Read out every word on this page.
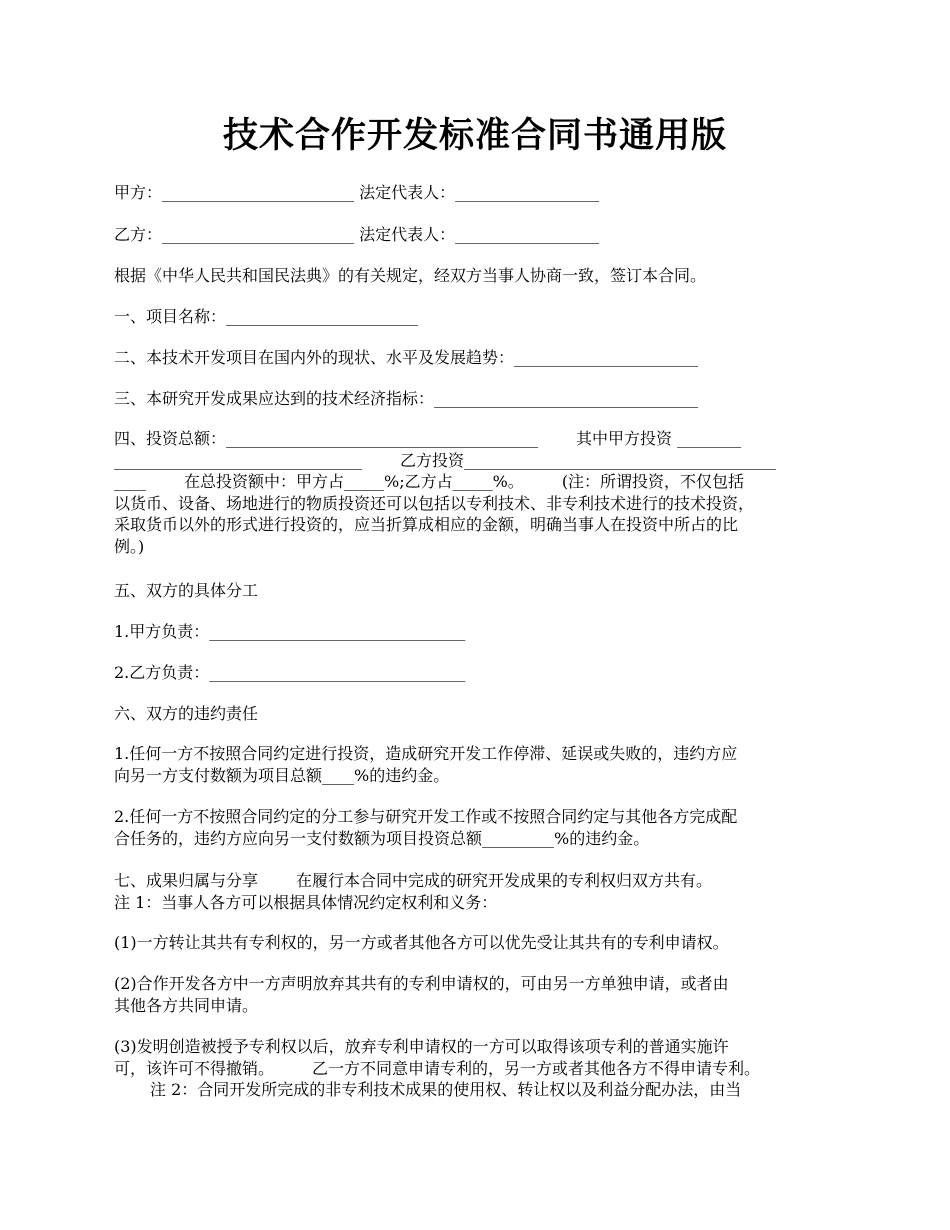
技术合作开发标准合同书通用版
甲方：________________________ 法定代表人：__________________
乙方：________________________ 法定代表人：__________________
根据《中华人民共和国民法典》的有关规定，经双方当事人协商一致，签订本合同。
一、项目名称：________________________
二、本技术开发项目在国内外的现状、水平及发展趋势：_______________________
三、本研究开发成果应达到的技术经济指标：_________________________________
四、投资总额：_______________________________________ 其中甲方投资 ________
_______________________________ 乙方投资_______________________________________
____ 在总投资额中：甲方占_____%;乙方占_____%。 (注：所谓投资，不仅包括
以货币、设备、场地进行的物质投资还可以包括以专利技术、非专利技术进行的技术投资，
采取货币以外的形式进行投资的，应当折算成相应的金额，明确当事人在投资中所占的比
例。)
五、双方的具体分工
1.甲方负责：________________________________
2.乙方负责：________________________________
六、双方的违约责任
1.任何一方不按照合同约定进行投资，造成研究开发工作停滞、延误或失败的，违约方应
向另一方支付数额为项目总额____%的违约金。
2.任何一方不按照合同约定的分工参与研究开发工作或不按照合同约定与其他各方完成配
合任务的，违约方应向另一支付数额为项目投资总额_________%的违约金。
七、成果归属与分享 在履行本合同中完成的研究开发成果的专利权归双方共有。
注 1：当事人各方可以根据具体情况约定权利和义务：
(1)一方转让其共有专利权的，另一方或者其他各方可以优先受让其共有的专利申请权。
(2)合作开发各方中一方声明放弃其共有的专利申请权的，可由另一方单独申请，或者由
其他各方共同申请。
(3)发明创造被授予专利权以后，放弃专利申请权的一方可以取得该项专利的普通实施许
可，该许可不得撤销。 乙一方不同意申请专利的，另一方或者其他各方不得申请专利。
注 2：合同开发所完成的非专利技术成果的使用权、转让权以及利益分配办法，由当
